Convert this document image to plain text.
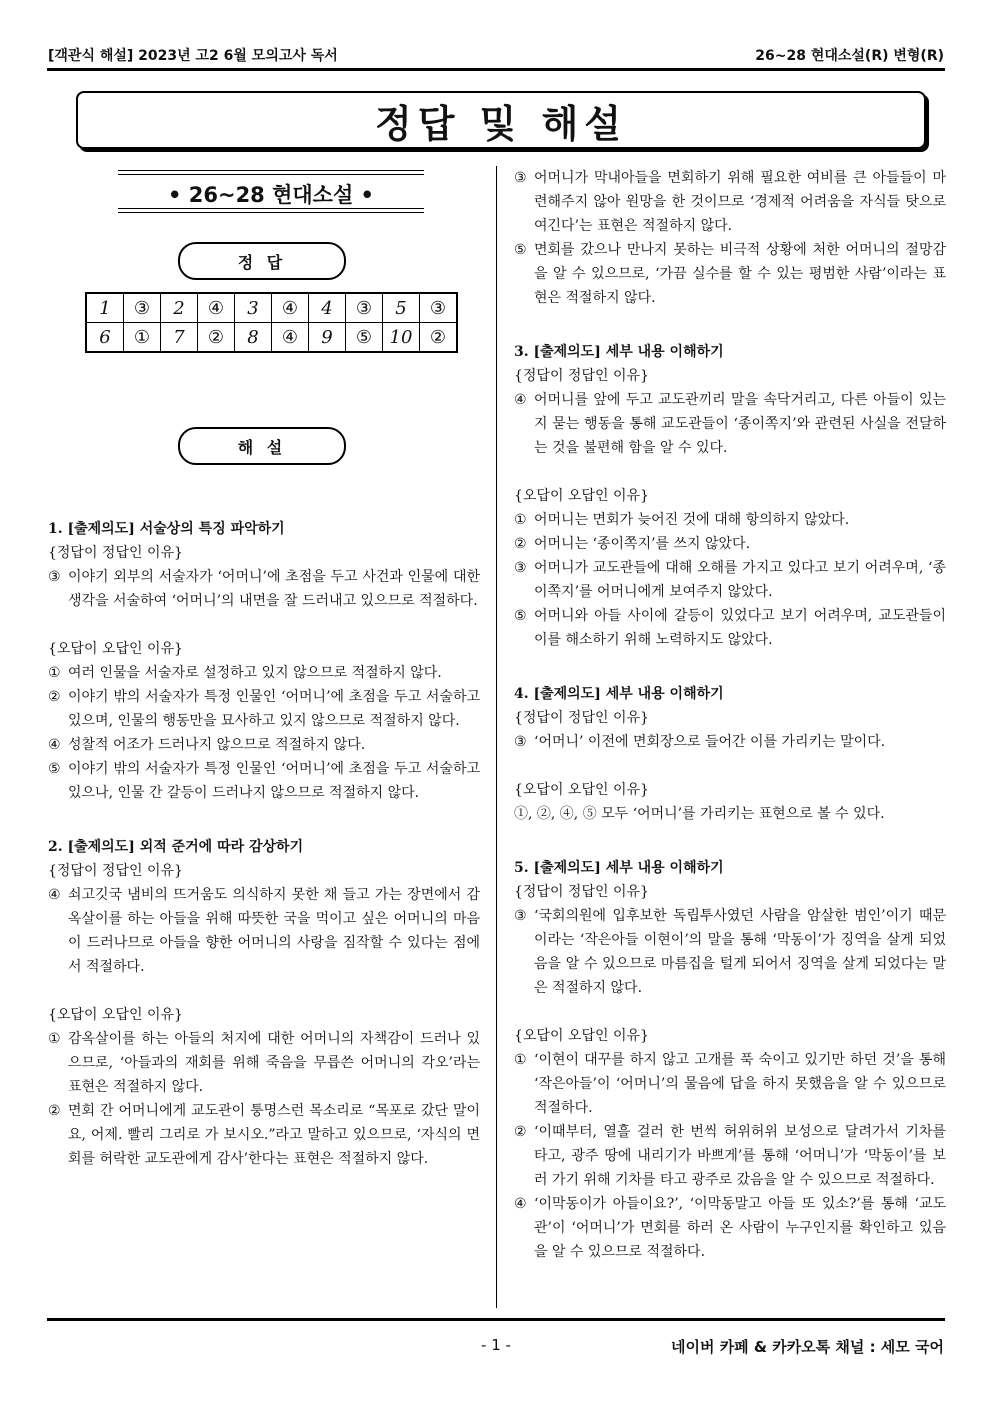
[객관식 해설] 2023년 고2 6월 모의고사 독서	26~28 현대소설(R) 변형(R)
정답 및 해설
• 26~28 현대소설 •
정 답
1	③	2	④	3	④	4	③	5	③
6	①	7	②	8	④	9	⑤	10	②
해 설
1. [출제의도] 서술상의 특징 파악하기
{정답이 정답인 이유}
③ 이야기 외부의 서술자가 ‘어머니’에 초점을 두고 사건과 인물에 대한 생각을 서술하여 ‘어머니’의 내면을 잘 드러내고 있으므로 적절하다.
{오답이 오답인 이유}
① 여러 인물을 서술자로 설정하고 있지 않으므로 적절하지 않다.
② 이야기 밖의 서술자가 특정 인물인 ‘어머니’에 초점을 두고 서술하고 있으며, 인물의 행동만을 묘사하고 있지 않으므로 적절하지 않다.
④ 성찰적 어조가 드러나지 않으므로 적절하지 않다.
⑤ 이야기 밖의 서술자가 특정 인물인 ‘어머니’에 초점을 두고 서술하고 있으나, 인물 간 갈등이 드러나지 않으므로 적절하지 않다.
2. [출제의도] 외적 준거에 따라 감상하기
{정답이 정답인 이유}
④ 쇠고깃국 냄비의 뜨거움도 의식하지 못한 채 들고 가는 장면에서 감옥살이를 하는 아들을 위해 따뜻한 국을 먹이고 싶은 어머니의 마음이 드러나므로 아들을 향한 어머니의 사랑을 짐작할 수 있다는 점에서 적절하다.
{오답이 오답인 이유}
① 감옥살이를 하는 아들의 처지에 대한 어머니의 자책감이 드러나 있으므로, ‘아들과의 재회를 위해 죽음을 무릅쓴 어머니의 각오’라는 표현은 적절하지 않다.
② 면회 간 어머니에게 교도관이 퉁명스런 목소리로 “목포로 갔단 말이요, 어제. 빨리 그리로 가 보시오.”라고 말하고 있으므로, ‘자식의 면회를 허락한 교도관에게 감사’한다는 표현은 적절하지 않다.
③ 어머니가 막내아들을 면회하기 위해 필요한 여비를 큰 아들들이 마련해주지 않아 원망을 한 것이므로 ‘경제적 어려움을 자식들 탓으로 여긴다’는 표현은 적절하지 않다.
⑤ 면회를 갔으나 만나지 못하는 비극적 상황에 처한 어머니의 절망감을 알 수 있으므로, ‘가끔 실수를 할 수 있는 평범한 사람’이라는 표현은 적절하지 않다.
3. [출제의도] 세부 내용 이해하기
{정답이 정답인 이유}
④ 어머니를 앞에 두고 교도관끼리 말을 속닥거리고, 다른 아들이 있는지 묻는 행동을 통해 교도관들이 ‘종이쪽지’와 관련된 사실을 전달하는 것을 불편해 함을 알 수 있다.
{오답이 오답인 이유}
① 어머니는 면회가 늦어진 것에 대해 항의하지 않았다.
② 어머니는 ‘종이쪽지’를 쓰지 않았다.
③ 어머니가 교도관들에 대해 오해를 가지고 있다고 보기 어려우며, ‘종이쪽지’를 어머니에게 보여주지 않았다.
⑤ 어머니와 아들 사이에 갈등이 있었다고 보기 어려우며, 교도관들이 이를 해소하기 위해 노력하지도 않았다.
4. [출제의도] 세부 내용 이해하기
{정답이 정답인 이유}
③ ‘어머니’ 이전에 면회장으로 들어간 이를 가리키는 말이다.
{오답이 오답인 이유}
①, ②, ④, ⑤ 모두 ‘어머니’를 가리키는 표현으로 볼 수 있다.
5. [출제의도] 세부 내용 이해하기
{정답이 정답인 이유}
③ ‘국회의원에 입후보한 독립투사였던 사람을 암살한 범인’이기 때문이라는 ‘작은아들 이현이’의 말을 통해 ‘막동이’가 징역을 살게 되었음을 알 수 있으므로 마름집을 털게 되어서 징역을 살게 되었다는 말은 적절하지 않다.
{오답이 오답인 이유}
① ‘이현이 대꾸를 하지 않고 고개를 푹 숙이고 있기만 하던 것’을 통해 ‘작은아들’이 ‘어머니’의 물음에 답을 하지 못했음을 알 수 있으므로 적절하다.
② ‘이때부터, 열흘 걸러 한 번씩 허위허위 보성으로 달려가서 기차를 타고, 광주 땅에 내리기가 바쁘게’를 통해 ‘어머니’가 ‘막동이’를 보러 가기 위해 기차를 타고 광주로 갔음을 알 수 있으므로 적절하다.
④ ‘이막동이가 아들이요?’, ‘이막동말고 아들 또 있소?’를 통해 ‘교도관’이 ‘어머니’가 면회를 하러 온 사람이 누구인지를 확인하고 있음을 알 수 있으므로 적절하다.
- 1 -	네이버 카페 & 카카오톡 채널 : 세모 국어
